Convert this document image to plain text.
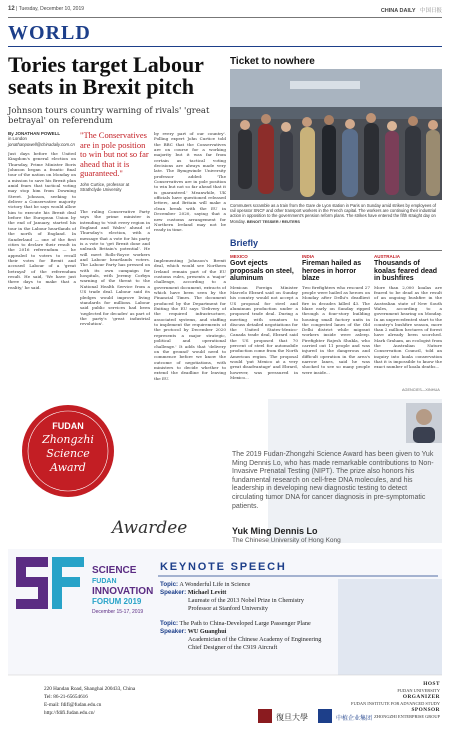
12 | Tuesday, December 10, 2019	CHINA DAILY 中国日报
WORLD
Tories target Labour seats in Brexit pitch

Johnson tours country warning of rivals' 'great betrayal' on referendum

By JONATHAN POWELL
in London
jonathanpowell@chinadaily.com.cn
Just days before the United Kingdom's general election on Thursday, Prime Minister Boris Johnson began a frantic final tour of the nation on Monday on a mission to save his Brexit plan amid fears that tactical voting may stop him from Downing Street. Johnson, seeking to deliver a Conservative majority victory that he says would allow him to execute his Brexit deal before the European Union by the end of January, started his tour in the Labour heartlands of the north of England. In Sunderland — one of the first cities to declare their result in the 2016 referendum — he appealed to voters to recall their votes for Brexit and accused Labour of a 'great betrayal' of the referendum result. He said, 'We have just three days to make that a reality,' he said.
"The Conservatives are in pole position to win but not so far ahead that it is guaranteed."
John Curtice, professor at Strathclyde University
The ruling Conservative Party says the prime minister is intending to 'visit every region in England and Wales' ahead of Thursday's election, with a message that a vote for his party is a vote to 'get Brexit done and unleash Britain's potential'. He will meet Rolls-Royce workers and Labour heartlands voters. The Labour Party has pressed on with its own campaign for hospitals, with Jeremy Corbyn warning of the threat to the National Health Service from a US trade deal. Labour said its pledges would improve living standards for millions. Labour said public services had been 'neglected for decades' as part of the party's 'great industrial revolution'.
by every part of our country'. Polling expert John Curtice told the BBC that the Conservatives are on course for a working majority but it was far from certain as tactical voting decisions are always made very late. The Bymgwinde University professor added: 'The Conservatives are in pole position to win but not so far ahead that it is guaranteed.' Meanwhile, UK officials have questioned released letters, and Britain will make a clean break with the EU in December 2020, saying that a new customs arrangement for Northern Ireland may not be ready in time.
Implementing Johnson's Brexit deal, which would see Northern Ireland remain part of the EU customs rules, presents a 'major' challenge, according to a government document, extracts of which have been seen by the Financial Times. The document produced by the Department for Exiting the EU says 'Delivery of the required infrastructure, associated systems, and staffing to implement the requirements of the protocol by December 2020 represents a major strategic, political and operational challenge.' It adds that 'delivery on the ground' would need to commence before we know the outcome of negotiations, with ministers to decide whether to extend the deadline for leaving the EU.
Ticket to nowhere
Commuters scramble as a train from the Gare de Lyon station in Paris on Sunday amid strikes by employees of rail operator SNCF and other transport workers in the French capital. The workers are continuing their industrial action in opposition to the government's pension reform plans. The strikes have entered the fifth straight day on Monday. BENOIT TESSIER / REUTERS
Briefly
MEXICO
Govt ejects proposals on steel, aluminum
Mexican Foreign Minister Marcelo Ebrard said on Sunday his country would not accept a US proposal for steel and aluminum production under a proposed trade deal. During a meeting with senators to discuss detailed negotiations for the United States-Mexico-Canada trade deal, Ebrard said the US proposed that 70 percent of steel for automobile production come from the North American region. The proposal would 'put Mexico at a very great disadvantage' and Ebrard, however, was pressured in Mexico...
INDIA
Fireman hailed as heroes in horror blaze
Two firefighters who rescued 27 people were hailed as heroes on Monday after Delhi's deadliest fire in decades killed 43. The blaze early on Sunday ripped through a four-story building housing small factory units in the congested lanes of the Old Delhi district while migrant workers inside were asleep. Firefighter Rajesh Shukla, who carried out 11 people and was injured in the dangerous and difficult operation in the area's narrow lanes, said he was shocked to see so many people were inside...
AUSTRALIA
Thousands of koalas feared dead in bushfires
More than 2,000 koalas are feared to be dead as the result of an ongoing bushfire in the Australian state of New South Wales, according to a government hearing on Monday. In an unprecedented start to the country's bushfire season, more than 2 million hectares of forest have already been scorched. Mark Graham, an ecologist from the Australian Nature Conservation Council, told an inquiry into koala conservation that it is impossible to know the exact number of koala deaths...
AGENCIES—XINHUA
FUDAN
Zhongzhi
Science
Award
The 2019 Fudan-Zhongzhi Science Award has been given to Yuk Ming Dennis Lo, who has made remarkable contributions to Non-Invasive Prenatal Testing (NIPT). The prize also honors his fundamental research on cell-free DNA molecules, and his leadership in developing new diagnostic testing to detect circulating tumor DNA for cancer diagnosis in pre-symptomatic patients.
Awardee	Yuk Ming Dennis Lo
The Chinese University of Hong Kong
SCIENCE
FUDAN
INNOVATION
FORUM 2019
December 15-17, 2019
復旦大學	中植企业集团
KEYNOTE SPEECH
Topic: A Wonderful Life in Science
Speaker: Michael Levitt
Laureate of the 2013 Nobel Prize in Chemistry
Professor at Stanford University
Topic: The Path to China-Developed Large Passenger Plane
Speaker: WU Guanghui
Academician of the Chinese Academy of Engineering
Chief Designer of the C919 Aircraft
220 Handan Road, Shanghai 200433, China
Tel: 86-21-65654616
E-mail: fdifi@fudan.edu.cn
http://fdifi.fudan.edu.cn/
HOST
FUDAN UNIVERSITY
ORGANIZER
FUDAN INSTITUTE FOR ADVANCED STUDY
SPONSOR
ZHONGZHI ENTERPRISE GROUP
